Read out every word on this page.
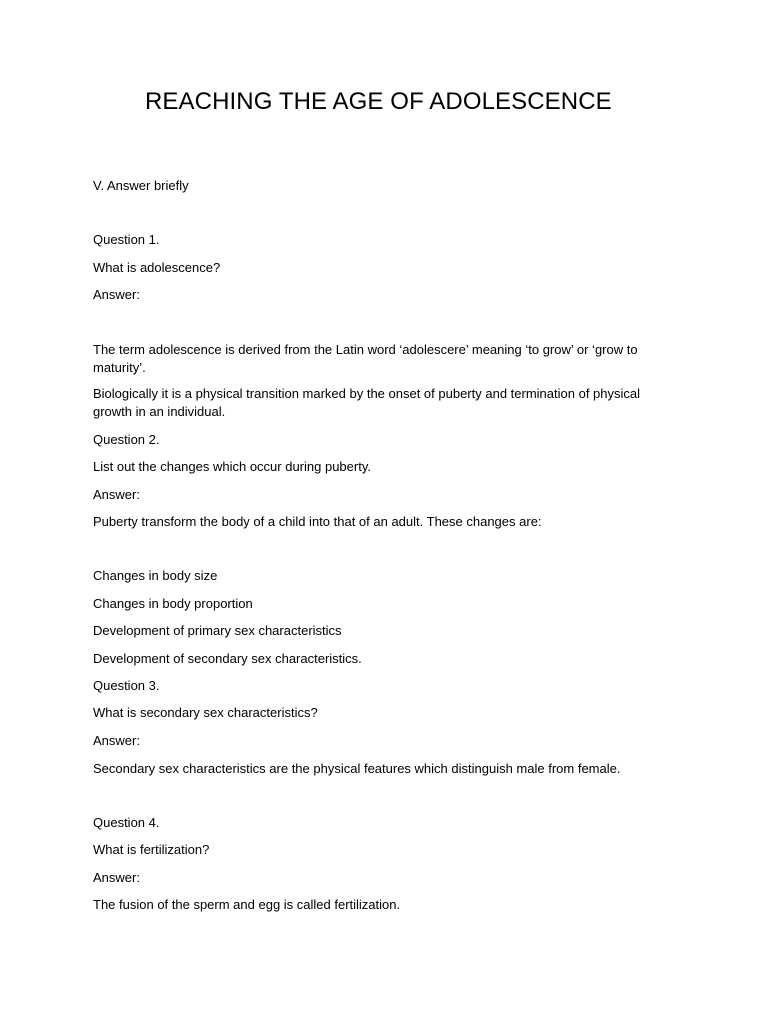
REACHING THE AGE OF ADOLESCENCE
V. Answer briefly
Question 1.
What is adolescence?
Answer:
The term adolescence is derived from the Latin word ‘adolescere’ meaning ‘to grow’ or ‘grow to maturity’.
Biologically it is a physical transition marked by the onset of puberty and termination of physical growth in an individual.
Question 2.
List out the changes which occur during puberty.
Answer:
Puberty transform the body of a child into that of an adult. These changes are:
Changes in body size
Changes in body proportion
Development of primary sex characteristics
Development of secondary sex characteristics.
Question 3.
What is secondary sex characteristics?
Answer:
Secondary sex characteristics are the physical features which distinguish male from female.
Question 4.
What is fertilization?
Answer:
The fusion of the sperm and egg is called fertilization.
